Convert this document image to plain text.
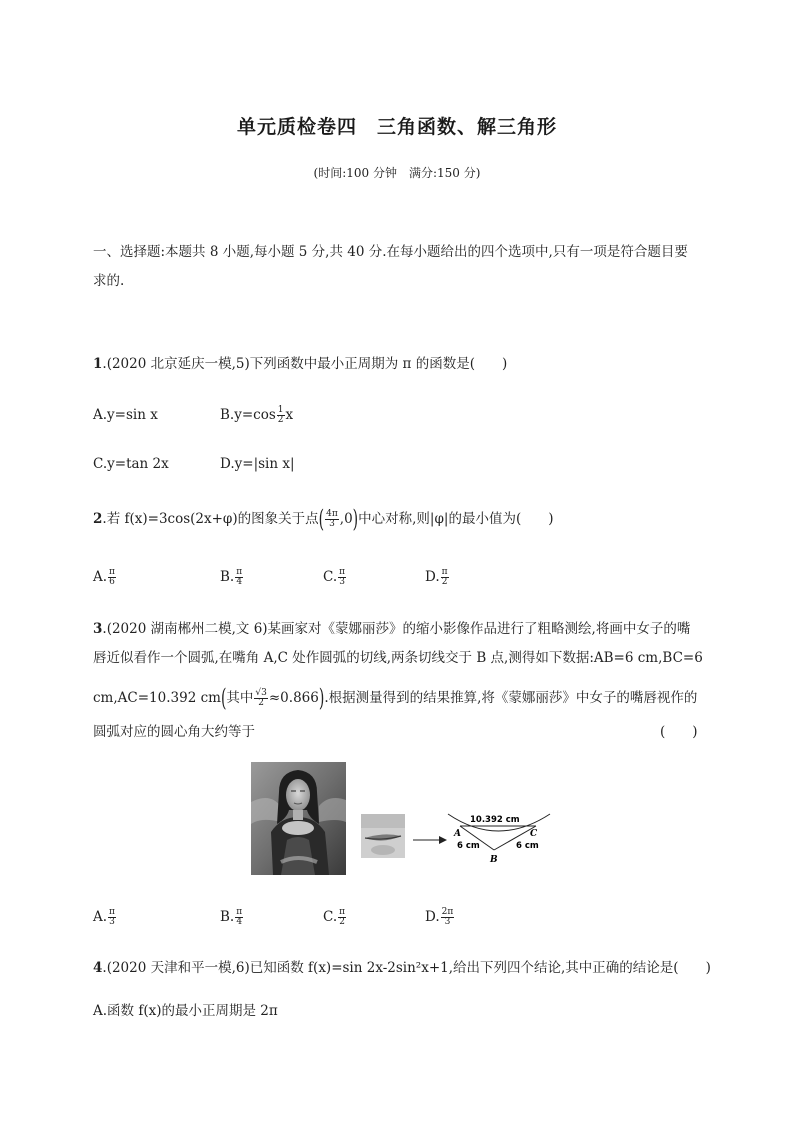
单元质检卷四　三角函数、解三角形
(时间:100 分钟　满分:150 分)
一、选择题:本题共 8 小题,每小题 5 分,共 40 分.在每小题给出的四个选项中,只有一项是符合题目要
求的.
1.(2020 北京延庆一模,5)下列函数中最小正周期为 π 的函数是(　　)
A.y=sin x	$B.y=\cos \frac{1}{2}$ x
C.y=tan 2x	D.y=|sin x|
2.若 f(x)=3cos(2x+φ)的图象关于点( $\frac{4\pi}{3} ,0$)中心对称,则|φ|的最小值为(　　)
A. $\frac{\pi}{6}$	B. $\frac{\pi}{4}$	C. $\frac{\pi}{3}$	D. $\frac{\pi}{2}$
3.(2020 湖南郴州二模,文 6)某画家对《蒙娜丽莎》的缩小影像作品进行了粗略测绘,将画中女子的嘴
唇近似看作一个圆弧,在嘴角 A,C 处作圆弧的切线,两条切线交于 B 点,测得如下数据:AB=6 cm,BC=6
cm,AC=10.392 cm(其中 $\frac{√3}{2} \approx 0.866$).根据测量得到的结果推算,将《蒙娜丽莎》中女子的嘴唇视作的
圆弧对应的圆心角大约等于	(　　)
10.392 cm
A	C
B
6 cm	6 cm
A. $\frac{\pi}{3}$	B. $\frac{\pi}{4}$	C. $\frac{\pi}{2}$	D. $\frac{2\pi}{3}$
4.(2020 天津和平一模,6)已知函数 f(x)=sin 2x-2sin²x+1,给出下列四个结论,其中正确的结论是(　　)
A.函数 f(x)的最小正周期是 2π
